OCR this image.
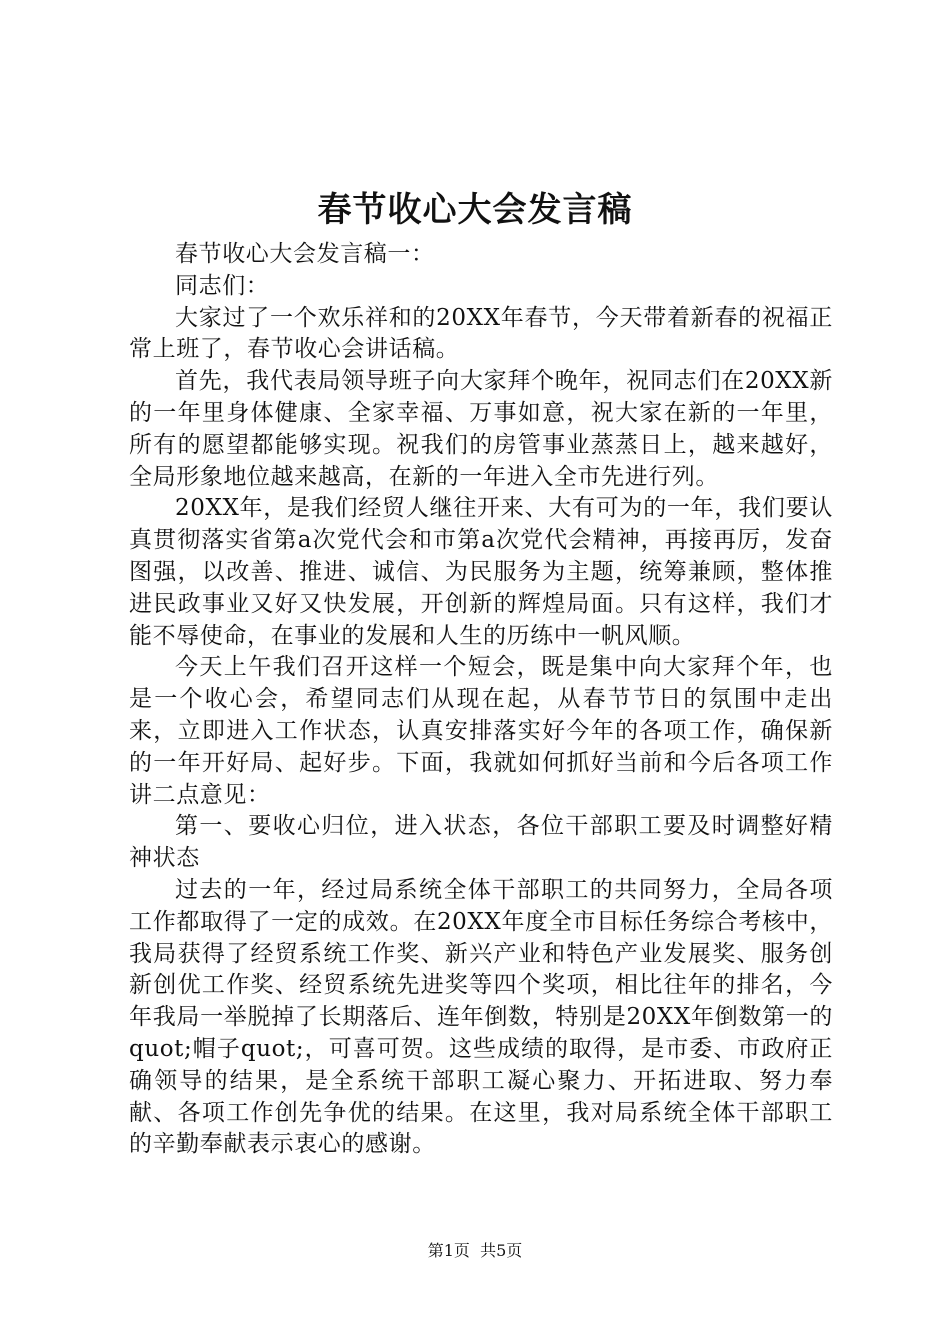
春节收心大会发言稿

春节收心大会发言稿一：

同志们：

大家过了一个欢乐祥和的20XX年春节，今天带着新春的祝福正常上班了，春节收心会讲话稿。

首先，我代表局领导班子向大家拜个晚年，祝同志们在20XX新的一年里身体健康、全家幸福、万事如意，祝大家在新的一年里，所有的愿望都能够实现。祝我们的房管事业蒸蒸日上，越来越好，全局形象地位越来越高，在新的一年进入全市先进行列。

20XX年，是我们经贸人继往开来、大有可为的一年，我们要认真贯彻落实省第a次党代会和市第a次党代会精神，再接再厉，发奋图强，以改善、推进、诚信、为民服务为主题，统筹兼顾，整体推进民政事业又好又快发展，开创新的辉煌局面。只有这样，我们才能不辱使命，在事业的发展和人生的历练中一帆风顺。

今天上午我们召开这样一个短会，既是集中向大家拜个年，也是一个收心会，希望同志们从现在起，从春节节日的氛围中走出来，立即进入工作状态，认真安排落实好今年的各项工作，确保新的一年开好局、起好步。下面，我就如何抓好当前和今后各项工作讲二点意见：

第一、要收心归位，进入状态，各位干部职工要及时调整好精神状态

过去的一年，经过局系统全体干部职工的共同努力，全局各项工作都取得了一定的成效。在20XX年度全市目标任务综合考核中，我局获得了经贸系统工作奖、新兴产业和特色产业发展奖、服务创新创优工作奖、经贸系统先进奖等四个奖项，相比往年的排名，今年我局一举脱掉了长期落后、连年倒数，特别是20XX年倒数第一的quot;帽子quot;，可喜可贺。这些成绩的取得，是市委、市政府正确领导的结果，是全系统干部职工凝心聚力、开拓进取、努力奉献、各项工作创先争优的结果。在这里，我对局系统全体干部职工的辛勤奉献表示衷心的感谢。

第1页  共5页
